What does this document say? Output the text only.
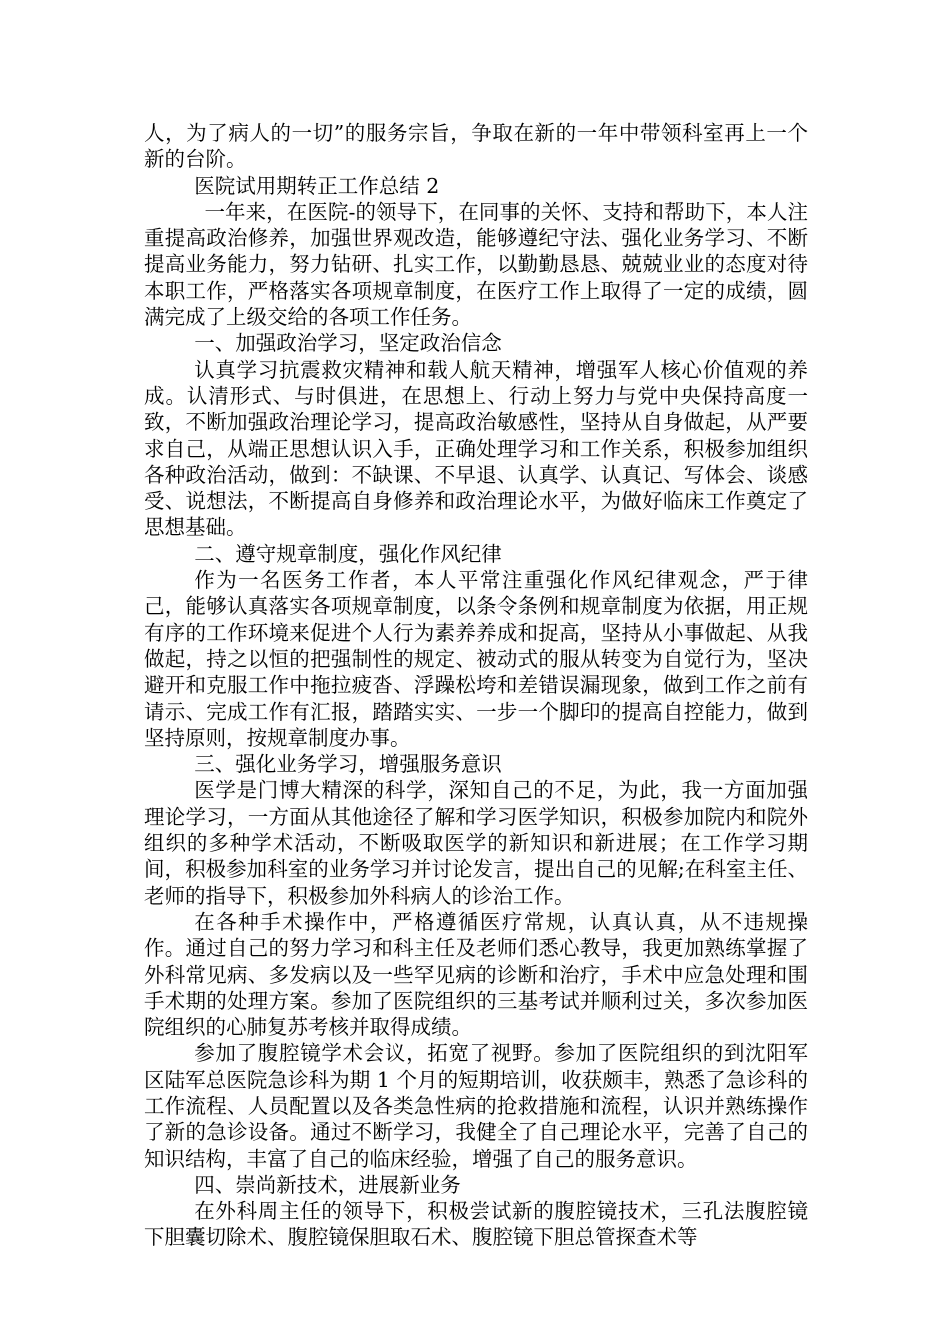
人，为了病人的一切”的服务宗旨，争取在新的一年中带领科室再上一个新的台阶。

医院试用期转正工作总结 2

一年来，在医院-的领导下，在同事的关怀、支持和帮助下，本人注重提高政治修养，加强世界观改造，能够遵纪守法、强化业务学习、不断提高业务能力，努力钻研、扎实工作，以勤勤恳恳、兢兢业业的态度对待本职工作，严格落实各项规章制度，在医疗工作上取得了一定的成绩，圆满完成了上级交给的各项工作任务。

一、加强政治学习，坚定政治信念

认真学习抗震救灾精神和载人航天精神，增强军人核心价值观的养成。认清形式、与时俱进，在思想上、行动上努力与党中央保持高度一致，不断加强政治理论学习，提高政治敏感性，坚持从自身做起，从严要求自己，从端正思想认识入手，正确处理学习和工作关系，积极参加组织各种政治活动，做到：不缺课、不早退、认真学、认真记、写体会、谈感受、说想法，不断提高自身修养和政治理论水平，为做好临床工作奠定了思想基础。

二、遵守规章制度，强化作风纪律

作为一名医务工作者，本人平常注重强化作风纪律观念，严于律己，能够认真落实各项规章制度，以条令条例和规章制度为依据，用正规有序的工作环境来促进个人行为素养养成和捉高，坚持从小事做起、从我做起，持之以恒的把强制性的规定、被动式的服从转变为自觉行为，坚决避开和克服工作中拖拉疲沓、浮躁松垮和差错误漏现象，做到工作之前有请示、完成工作有汇报，踏踏实实、一步一个脚印的提高自控能力，做到坚持原则，按规章制度办事。

三、强化业务学习，增强服务意识

医学是门博大精深的科学，深知自己的不足，为此，我一方面加强理论学习，一方面从其他途径了解和学习医学知识，积极参加院内和院外组织的多种学术活动，不断吸取医学的新知识和新进展；在工作学习期间，积极参加科室的业务学习并讨论发言，提出自己的见解;在科室主任、老师的指导下，积极参加外科病人的诊治工作。

在各种手术操作中，严格遵循医疗常规，认真认真，从不违规操作。通过自己的努力学习和科主任及老师们悉心教导，我更加熟练掌握了外科常见病、多发病以及一些罕见病的诊断和治疗，手术中应急处理和围手术期的处理方案。参加了医院组织的三基考试并顺利过关，多次参加医院组织的心肺复苏考核并取得成绩。

参加了腹腔镜学术会议，拓宽了视野。参加了医院组织的到沈阳军区陆军总医院急诊科为期 1 个月的短期培训，收获颇丰，熟悉了急诊科的工作流程、人员配置以及各类急性病的抢救措施和流程，认识并熟练操作了新的急诊设备。通过不断学习，我健全了自己理论水平，完善了自己的知识结构，丰富了自己的临床经验，增强了自己的服务意识。

四、崇尚新技术，进展新业务

在外科周主任的领导下，积极尝试新的腹腔镜技术，三孔法腹腔镜下胆囊切除术、腹腔镜保胆取石术、腹腔镜下胆总管探查术等
